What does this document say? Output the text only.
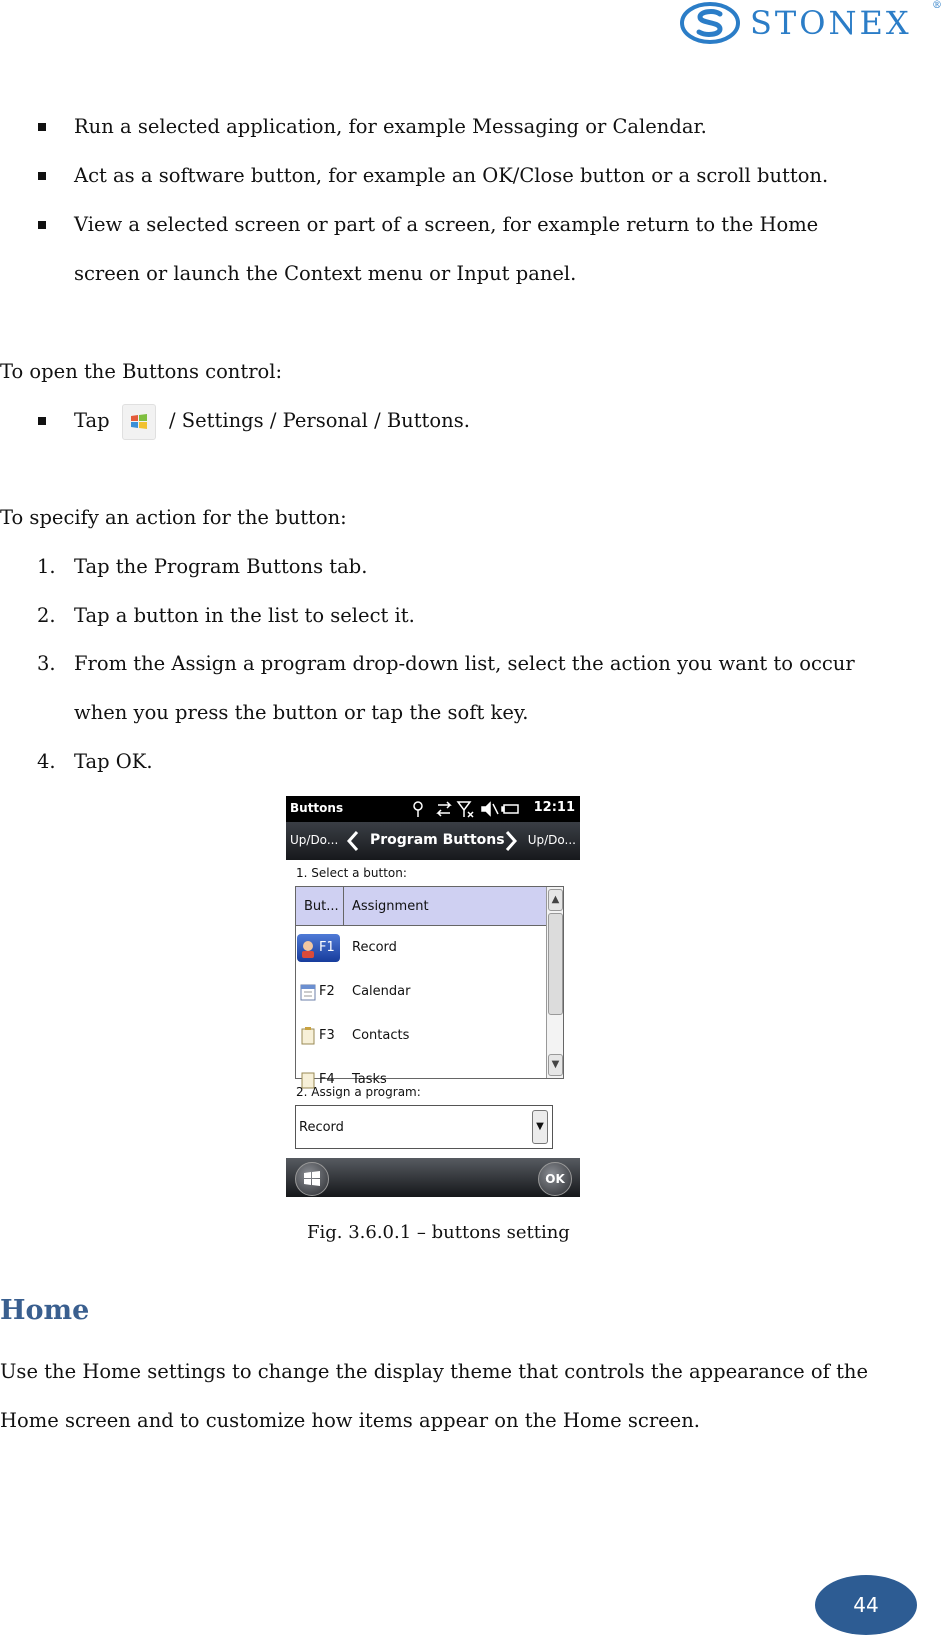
STONEX ®
Run a selected application, for example Messaging or Calendar.
Act as a software button, for example an OK/Close button or a scroll button.
View a selected screen or part of a screen, for example return to the Home
screen or launch the Context menu or Input panel.
To open the Buttons control:
Tap	/ Settings / Personal / Buttons.
To specify an action for the button:
1. Tap the Program Buttons tab.
2. Tap a button in the list to select it.
3. From the Assign a program drop-down list, select the action you want to occur
when you press the button or tap the soft key.
4. Tap OK.
Buttons	12:11
Up/Do... Program Buttons Up/Do...
1. Select a button:
But... Assignment
F1 Record
F2 Calendar
F3 Contacts
F4 Tasks
▲
▼
2. Assign a program:
Record	▼
OK
Fig. 3.6.0.1 – buttons setting
Home
Use the Home settings to change the display theme that controls the appearance of the
Home screen and to customize how items appear on the Home screen.
44
